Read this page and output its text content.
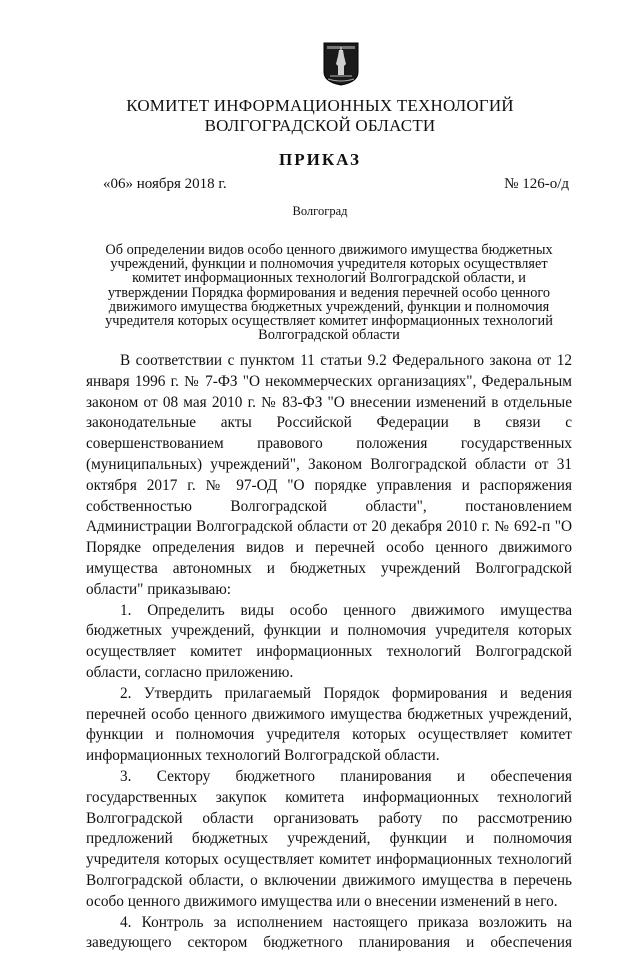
КОМИТЕТ ИНФОРМАЦИОННЫХ ТЕХНОЛОГИЙ
ВОЛГОГРАДСКОЙ ОБЛАСТИ
ПРИКАЗ
«06» ноября 2018 г.	№ 126-о/д
Волгоград
Об определении видов особо ценного движимого имущества бюджетных
учреждений, функции и полномочия учредителя которых осуществляет
комитет информационных технологий Волгоградской области, и
утверждении Порядка формирования и ведения перечней особо ценного
движимого имущества бюджетных учреждений, функции и полномочия
учредителя которых осуществляет комитет информационных технологий
Волгоградской области

В соответствии с пунктом 11 статьи 9.2 Федерального закона от 12 января 1996 г. № 7-ФЗ "О некоммерческих организациях", Федеральным законом от 08 мая 2010 г. № 83-ФЗ "О внесении изменений в отдельные законодательные акты Российской Федерации в связи с совершенствованием правового положения государственных (муниципальных) учреждений", Законом Волгоградской области от 31 октября 2017 г. № 97-ОД "О порядке управления и распоряжения собственностью Волгоградской области", постановлением Администрации Волгоградской области от 20 декабря 2010 г. № 692-п "О Порядке определения видов и перечней особо ценного движимого имущества автономных и бюджетных учреждений Волгоградской области" приказываю:

1. Определить виды особо ценного движимого имущества бюджетных учреждений, функции и полномочия учредителя которых осуществляет комитет информационных технологий Волгоградской области, согласно приложению.

2. Утвердить прилагаемый Порядок формирования и ведения перечней особо ценного движимого имущества бюджетных учреждений, функции и полномочия учредителя которых осуществляет комитет информационных технологий Волгоградской области.

3. Сектору бюджетного планирования и обеспечения государственных закупок комитета информационных технологий Волгоградской области организовать работу по рассмотрению предложений бюджетных учреждений, функции и полномочия учредителя которых осуществляет комитет информационных технологий Волгоградской области, о включении движимого имущества в перечень особо ценного движимого имущества или о внесении изменений в него.

4. Контроль за исполнением настоящего приказа возложить на заведующего сектором бюджетного планирования и обеспечения
